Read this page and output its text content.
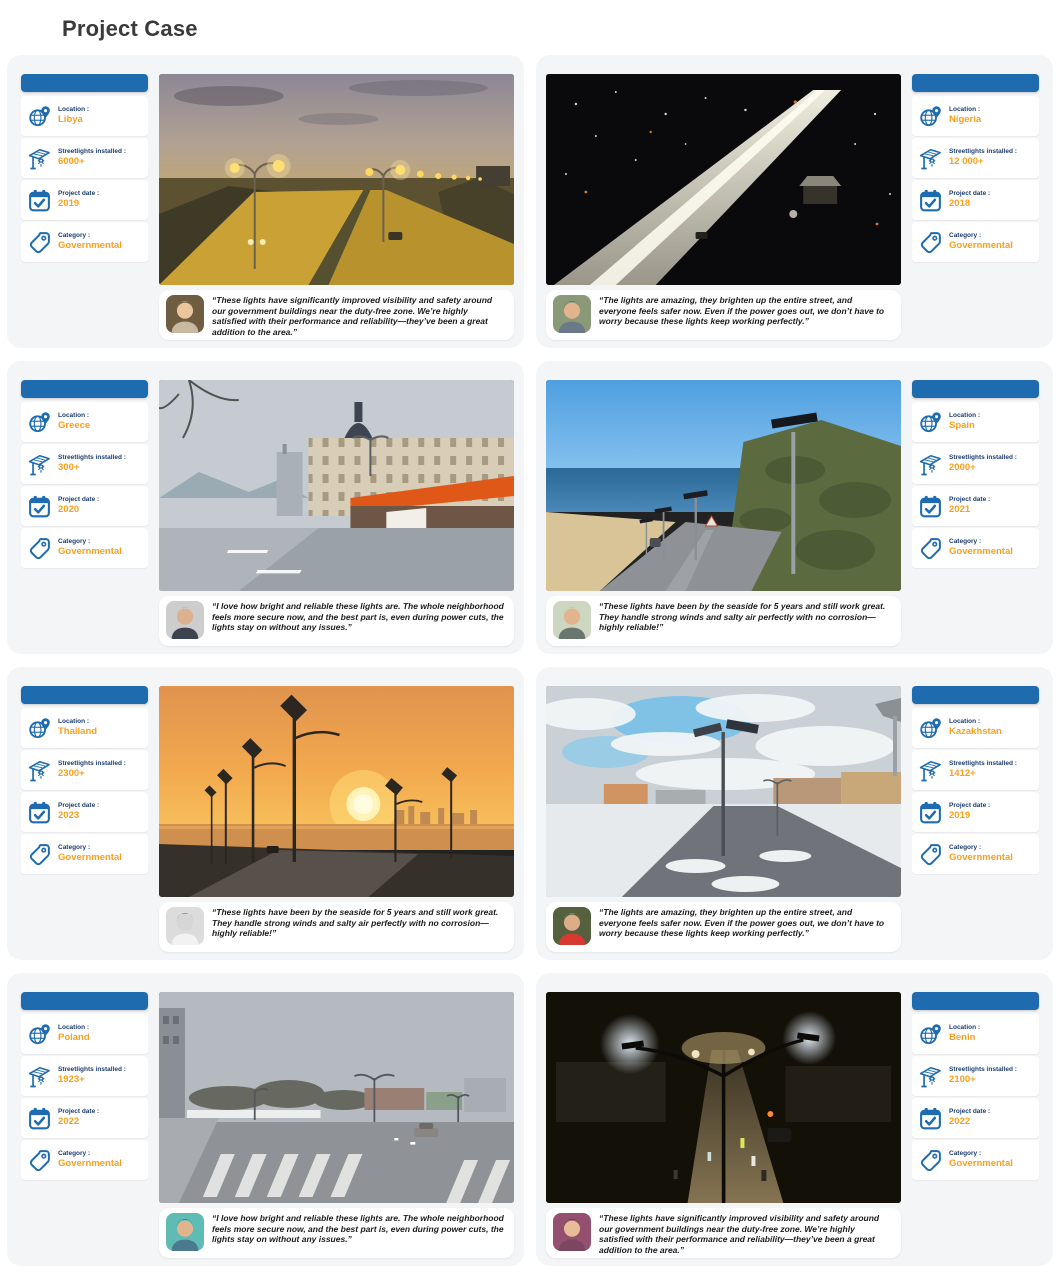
Project Case
Location :
Libya
Streetlights installed :
6000+
Project date :
2019
Category :
Governmental

“These lights have significantly improved visibility and safety around our government buildings near the duty-free zone. We’re highly satisfied with their performance and reliability—they’ve been a great addition to the area.”

Location :
Nigeria
Streetlights installed :
12 000+
Project date :
2018
Category :
Governmental

“The lights are amazing, they brighten up the entire street, and everyone feels safer now. Even if the power goes out, we don’t have to worry because these lights keep working perfectly.”

Location :
Greece
Streetlights installed :
300+
Project date :
2020
Category :
Governmental

“I love how bright and reliable these lights are. The whole neighborhood feels more secure now, and the best part is, even during power cuts, the lights stay on without any issues.”

Location :
Spain
Streetlights installed :
2000+
Project date :
2021
Category :
Governmental

“These lights have been by the seaside for 5 years and still work great. They handle strong winds and salty air perfectly with no corrosion—highly reliable!”

Location :
Thailand
Streetlights installed :
2300+
Project date :
2023
Category :
Governmental

“These lights have been by the seaside for 5 years and still work great. They handle strong winds and salty air perfectly with no corrosion—highly reliable!”

Location :
Kazakhstan
Streetlights installed :
1412+
Project date :
2019
Category :
Governmental

“The lights are amazing, they brighten up the entire street, and everyone feels safer now. Even if the power goes out, we don’t have to worry because these lights keep working perfectly.”

Location :
Poland
Streetlights installed :
1923+
Project date :
2022
Category :
Governmental

“I love how bright and reliable these lights are. The whole neighborhood feels more secure now, and the best part is, even during power cuts, the lights stay on without any issues.”

Location :
Benin
Streetlights installed :
2100+
Project date :
2022
Category :
Governmental

“These lights have significantly improved visibility and safety around our government buildings near the duty-free zone. We’re highly satisfied with their performance and reliability—they’ve been a great addition to the area.”
